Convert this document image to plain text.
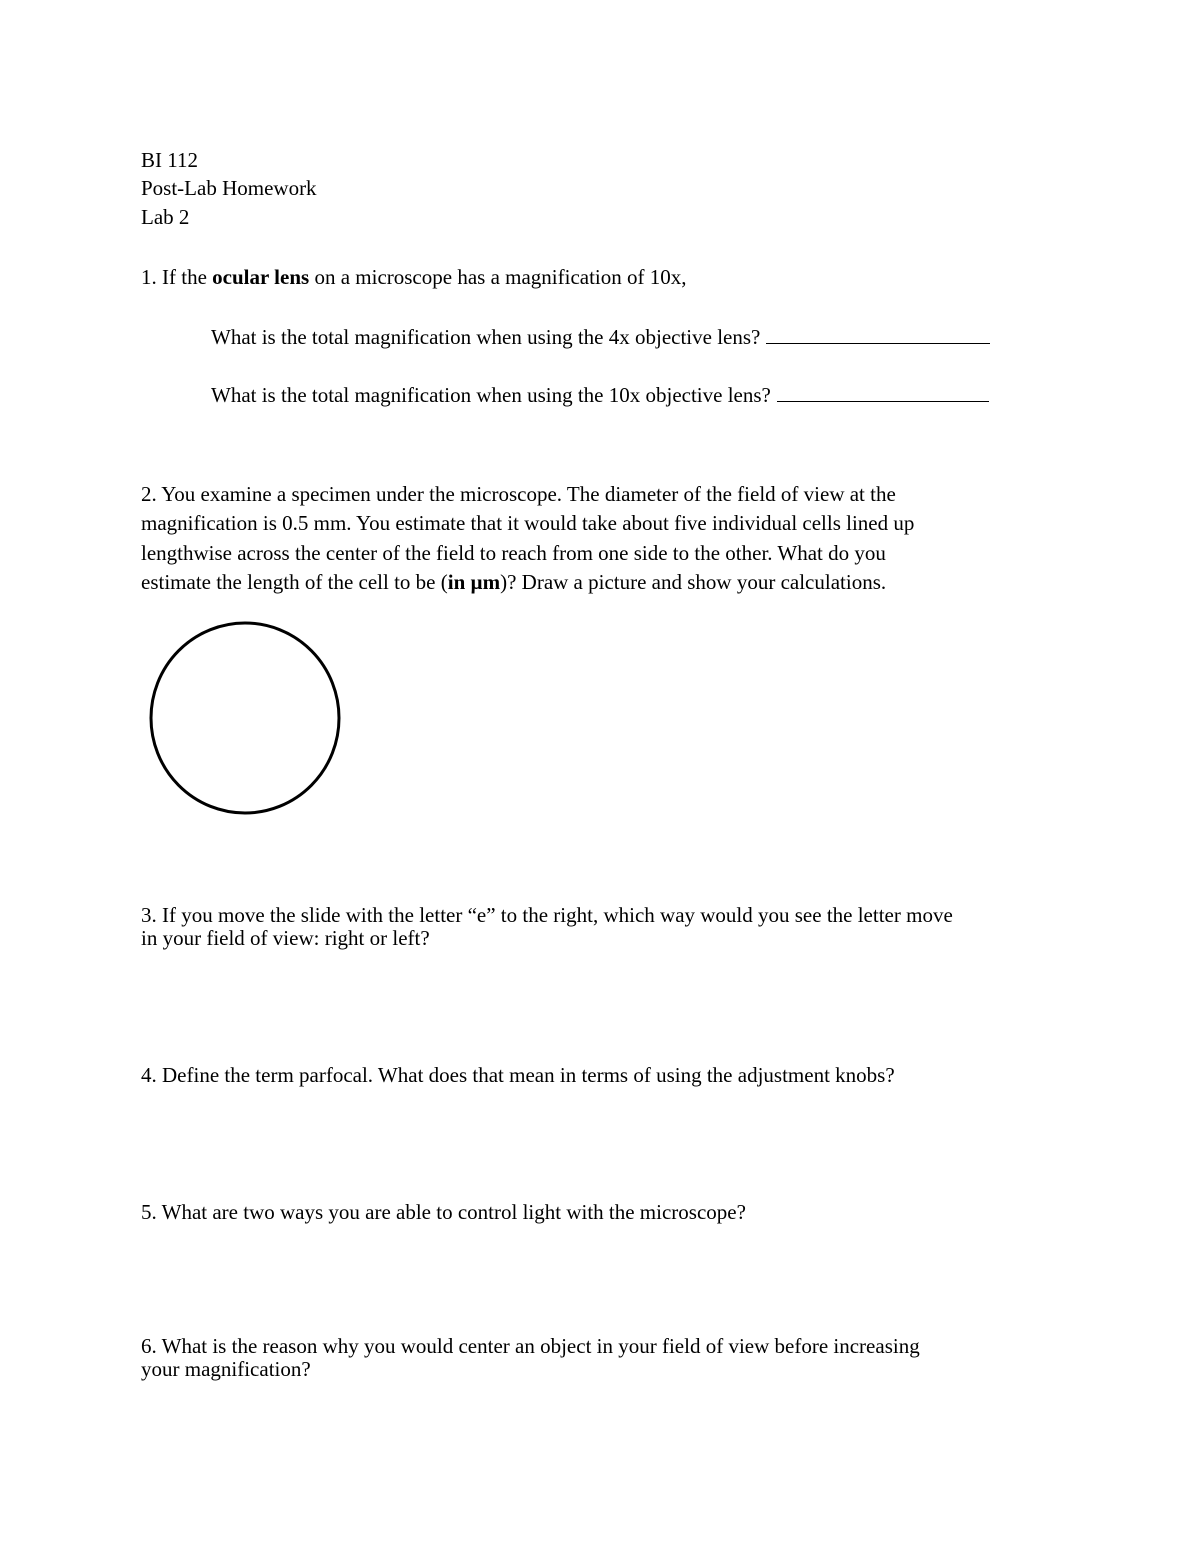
BI 112
Post-Lab Homework
Lab 2
1. If the ocular lens on a microscope has a magnification of 10x,
What is the total magnification when using the 4x objective lens?
What is the total magnification when using the 10x objective lens?
2. You examine a specimen under the microscope. The diameter of the field of view at the
magnification is 0.5 mm. You estimate that it would take about five individual cells lined up
lengthwise across the center of the field to reach from one side to the other. What do you
estimate the length of the cell to be (in µm)? Draw a picture and show your calculations.
3. If you move the slide with the letter “e” to the right, which way would you see the letter move
in your field of view: right or left?
4. Define the term parfocal. What does that mean in terms of using the adjustment knobs?
5. What are two ways you are able to control light with the microscope?
6. What is the reason why you would center an object in your field of view before increasing
your magnification?
